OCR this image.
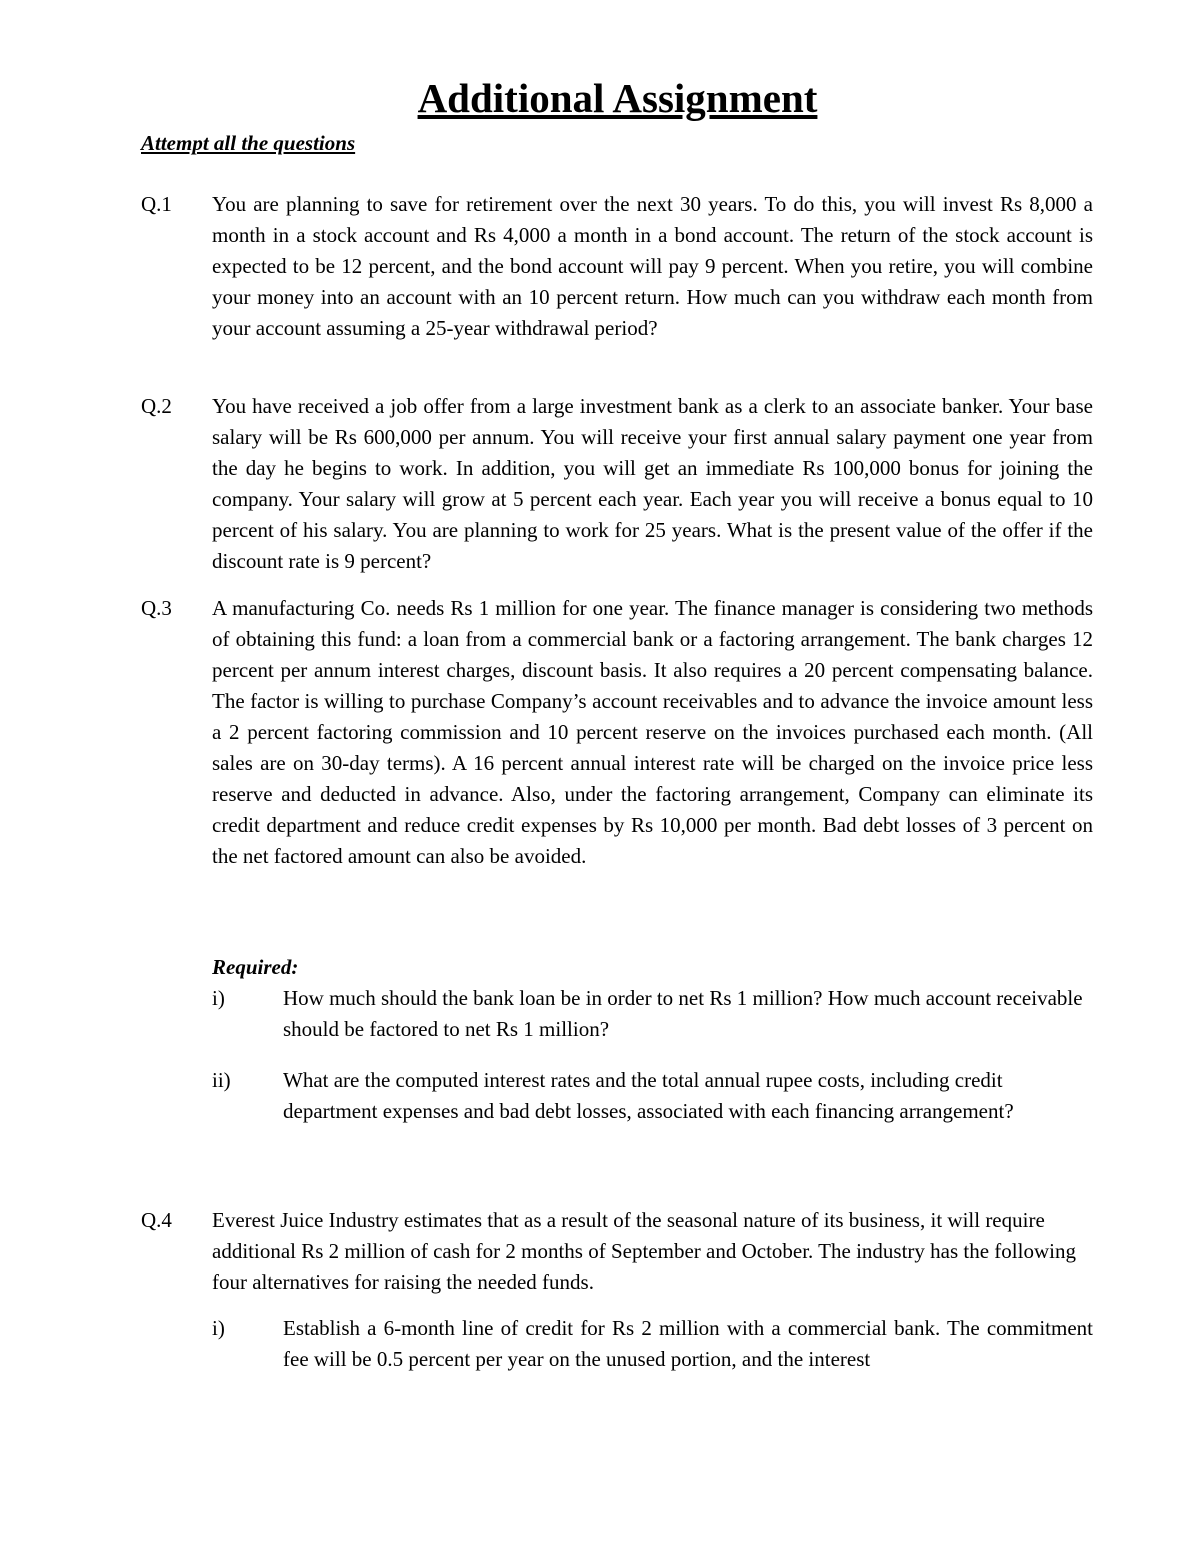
Additional Assignment
Attempt all the questions
Q.1 You are planning to save for retirement over the next 30 years. To do this, you will invest Rs 8,000 a month in a stock account and Rs 4,000 a month in a bond account. The return of the stock account is expected to be 12 percent, and the bond account will pay 9 percent. When you retire, you will combine your money into an account with an 10 percent return. How much can you withdraw each month from your account assuming a 25-year withdrawal period?
Q.2 You have received a job offer from a large investment bank as a clerk to an associate banker. Your base salary will be Rs 600,000 per annum. You will receive your first annual salary payment one year from the day he begins to work. In addition, you will get an immediate Rs 100,000 bonus for joining the company. Your salary will grow at 5 percent each year. Each year you will receive a bonus equal to 10 percent of his salary. You are planning to work for 25 years. What is the present value of the offer if the discount rate is 9 percent?
Q.3 A manufacturing Co. needs Rs 1 million for one year. The finance manager is considering two methods of obtaining this fund: a loan from a commercial bank or a factoring arrangement. The bank charges 12 percent per annum interest charges, discount basis. It also requires a 20 percent compensating balance. The factor is willing to purchase Company’s account receivables and to advance the invoice amount less a 2 percent factoring commission and 10 percent reserve on the invoices purchased each month. (All sales are on 30-day terms). A 16 percent annual interest rate will be charged on the invoice price less reserve and deducted in advance. Also, under the factoring arrangement, Company can eliminate its credit department and reduce credit expenses by Rs 10,000 per month. Bad debt losses of 3 percent on the net factored amount can also be avoided.
Required:
i)	How much should the bank loan be in order to net Rs 1 million? How much account receivable should be factored to net Rs 1 million?
ii) What are the computed interest rates and the total annual rupee costs, including credit department expenses and bad debt losses, associated with each financing arrangement?
Q.4 Everest Juice Industry estimates that as a result of the seasonal nature of its business, it will require additional Rs 2 million of cash for 2 months of September and October. The industry has the following four alternatives for raising the needed funds.
i)	Establish a 6-month line of credit for Rs 2 million with a commercial bank. The commitment fee will be 0.5 percent per year on the unused portion, and the interest
